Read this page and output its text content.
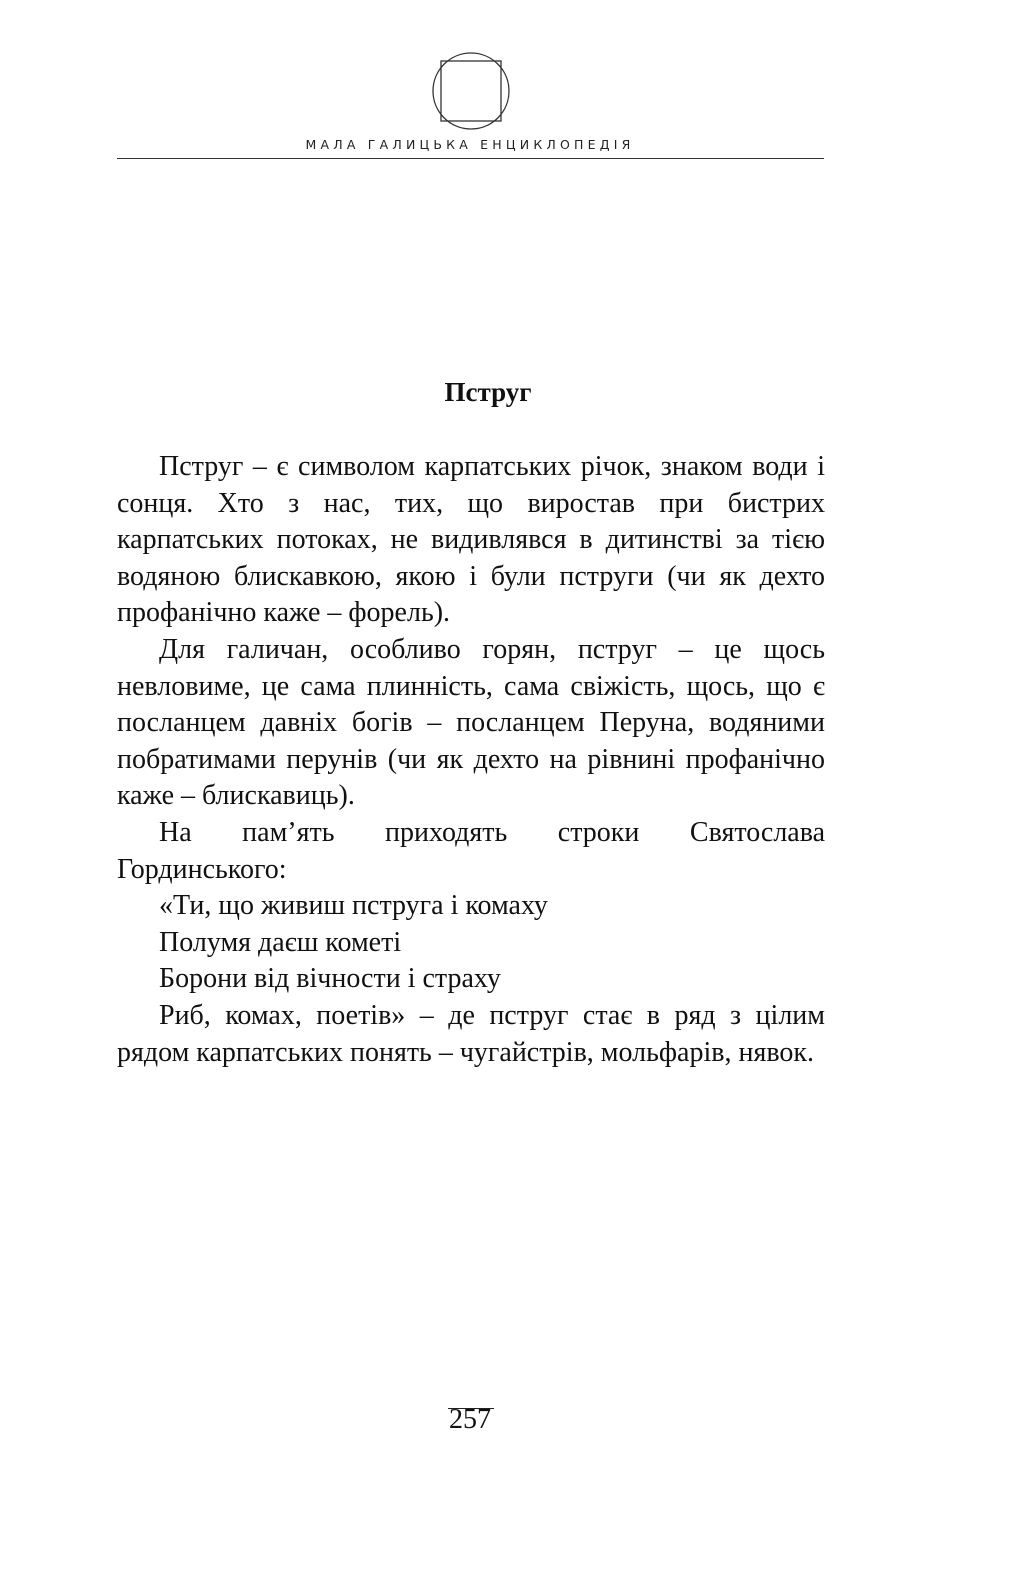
МАЛА ГАЛИЦЬКА ЕНЦИКЛОПЕДІЯ
Пструг

Пструг – є символом карпатських річок, знаком води і сонця. Хто з нас, тих, що виростав при бистрих карпатських потоках, не видивлявся в дитинстві за тією водяною блискавкою, якою і були пструги (чи як дехто профанічно каже – форель).

Для галичан, особливо горян, пструг – це щось невловиме, це сама плинність, сама свіжість, щось, що є посланцем давніх богів – посланцем Перуна, водяними побратимами перунів (чи як дехто на рівнині профанічно каже – блискавиць).

На пам’ять приходять строки Святослава Гординського:

«Ти, що живиш пструга і комаху

Полумя даєш кометі

Борони від вічности і страху

Риб, комах, поетів» – де пструг стає в ряд з цілим рядом карпатських понять – чугайстрів, мольфарів, нявок.

257
